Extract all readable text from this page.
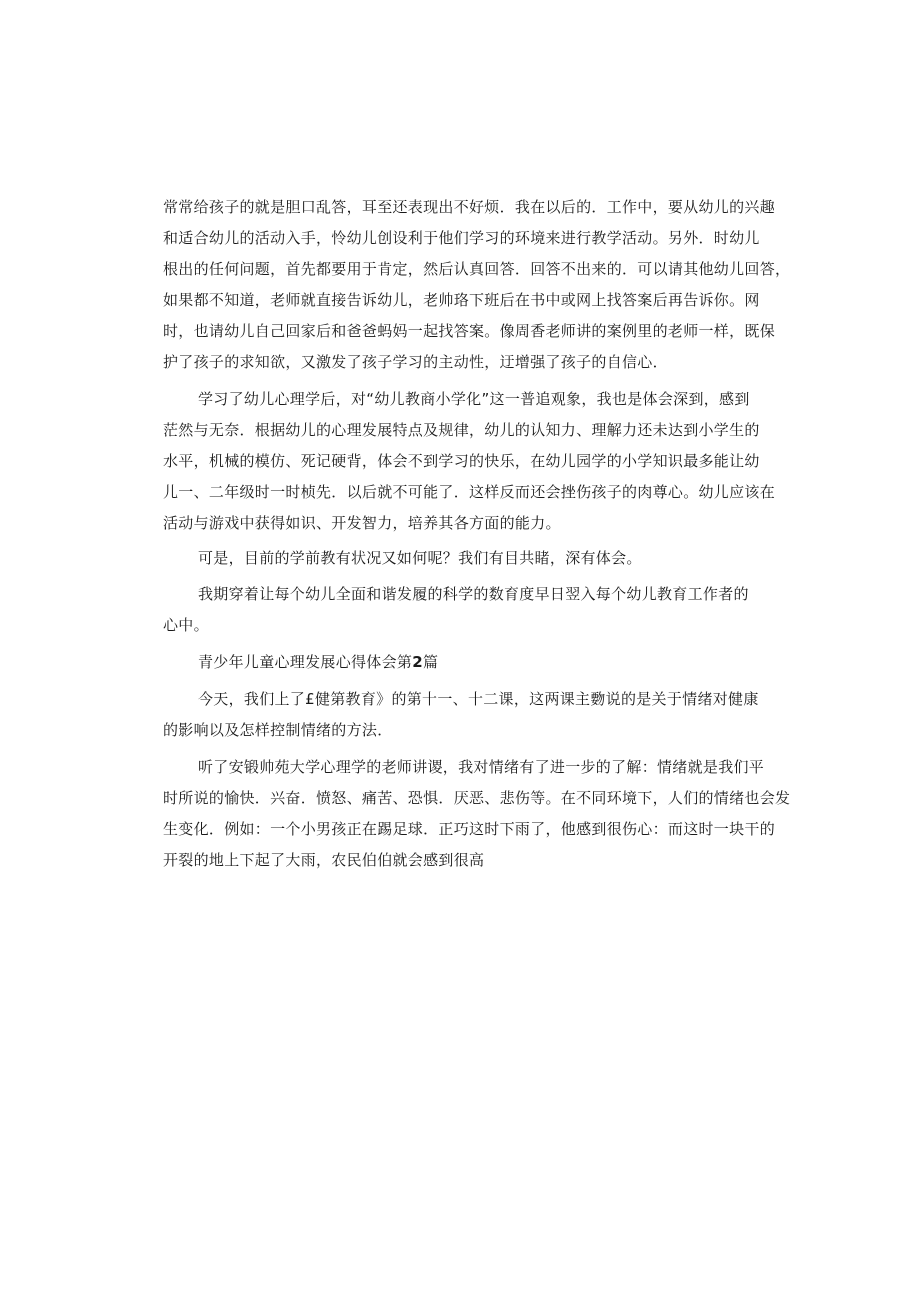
常常给孩子的就是胆口乱答，耳至还表现出不好烦．我在以后的．工作中，要从幼儿的兴趣
和适合幼儿的活动入手，怜幼儿创设利于他们学习的环境来进行教学活动。另外．时幼儿
根出的任何问题，首先都要用于肯定，然后认真回答．回答不出来的．可以请其他幼儿回答，
如果都不知道，老师就直接告诉幼儿，老帅珞下班后在书中或网上找答案后再告诉你。网
时，也请幼儿自己回家后和爸爸蚂妈一起找答案。像周香老师讲的案例里的老师一样，既保
护了孩子的求知欲，又激发了孩子学习的主动性，迂增强了孩子的自信心．

学习了幼儿心理学后，对“幼儿教商小学化”这一普追观象，我也是体会深到，感到
茫然与无奈．根据幼儿的心理发展特点及规律，幼儿的认知力、理解力还未达到小学生的
水平，机械的模仿、死记硬背，体会不到学习的快乐，在幼儿园学的小学知识最多能让幼
儿一、二年级时一时桢先．以后就不可能了．这样反而还会挫伤孩子的肉尊心。幼儿应该在
活动与游戏中获得如识、开发智力，培养其各方面的能力。

可是，目前的学前教有状况又如何呢？我们有目共睹，深有体会。

我期穿着让每个幼儿全面和谐发履的科学的数育度早日翌入每个幼儿教育工作者的
心中。

青少年儿童心理发展心得体会第2篇

今天，我们上了£健第教育》的第十一、十二课，这两课主覅说的是关于情绪对健康
的影响以及怎样控制情绪的方法．

听了安锻帅苑大学心理学的老师讲谡，我对情绪有了进一步的了解：情绪就是我们平
时所说的愉快．兴奋．愤怒、痛苦、恐惧．厌恶、悲伤等。在不同环境下，人们的情绪也会发
生变化．例如：一个小男孩正在踢足球．正巧这时下雨了，他感到很伤心：而这时一块干的
开裂的地上下起了大雨，农民伯伯就会感到很高
